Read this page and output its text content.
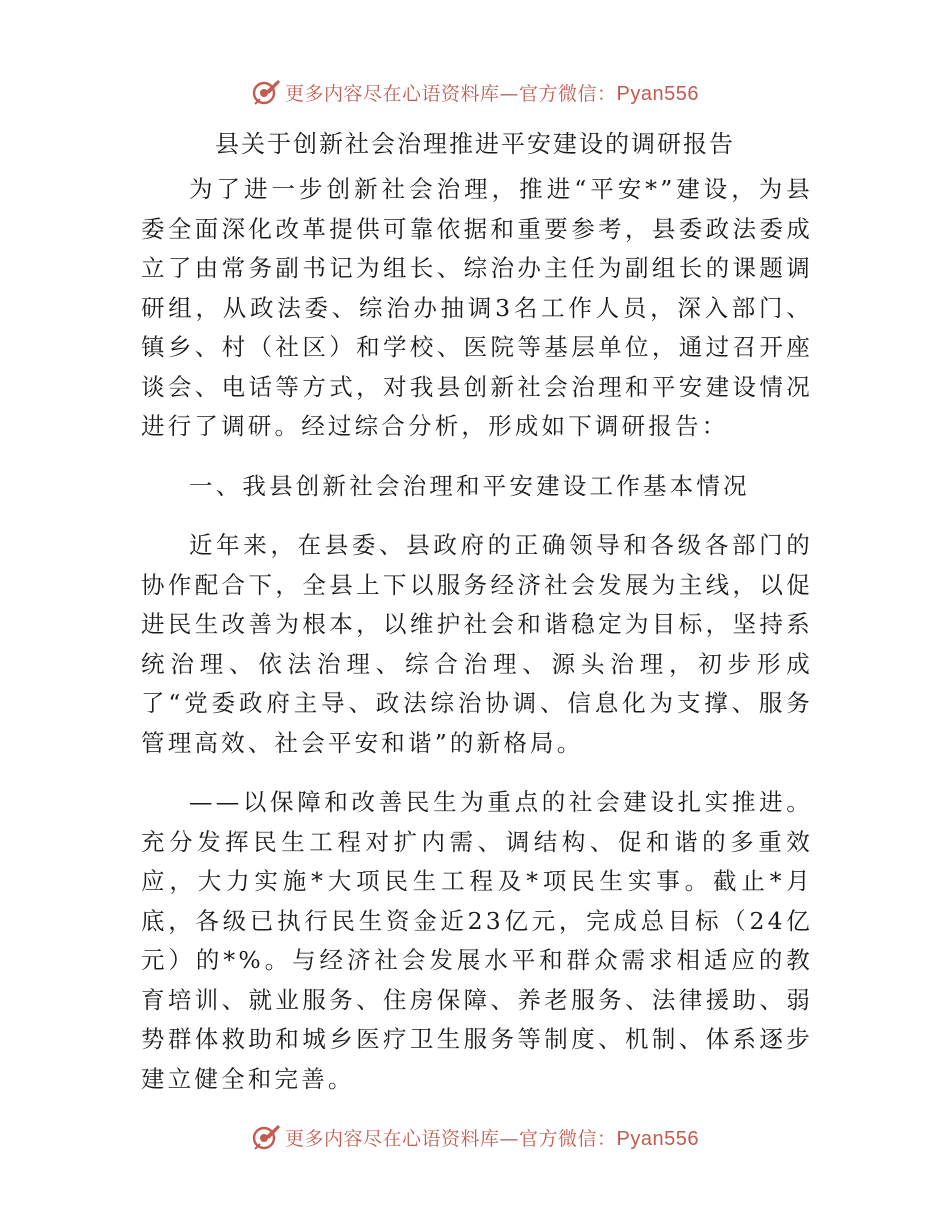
更多内容尽在心语资料库—官方微信：Pyan556
县关于创新社会治理推进平安建设的调研报告

为了进一步创新社会治理，推进“平安*”建设，为县委全面深化改革提供可靠依据和重要参考，县委政法委成立了由常务副书记为组长、综治办主任为副组长的课题调研组，从政法委、综治办抽调3名工作人员，深入部门、镇乡、村（社区）和学校、医院等基层单位，通过召开座谈会、电话等方式，对我县创新社会治理和平安建设情况进行了调研。经过综合分析，形成如下调研报告：

一、我县创新社会治理和平安建设工作基本情况

近年来，在县委、县政府的正确领导和各级各部门的协作配合下，全县上下以服务经济社会发展为主线，以促进民生改善为根本，以维护社会和谐稳定为目标，坚持系统治理、依法治理、综合治理、源头治理，初步形成了“党委政府主导、政法综治协调、信息化为支撑、服务管理高效、社会平安和谐”的新格局。

——以保障和改善民生为重点的社会建设扎实推进。充分发挥民生工程对扩内需、调结构、促和谐的多重效应，大力实施*大项民生工程及*项民生实事。截止*月底，各级已执行民生资金近23亿元，完成总目标（24亿元）的*%。与经济社会发展水平和群众需求相适应的教育培训、就业服务、住房保障、养老服务、法律援助、弱势群体救助和城乡医疗卫生服务等制度、机制、体系逐步建立健全和完善。

更多内容尽在心语资料库—官方微信：Pyan556
